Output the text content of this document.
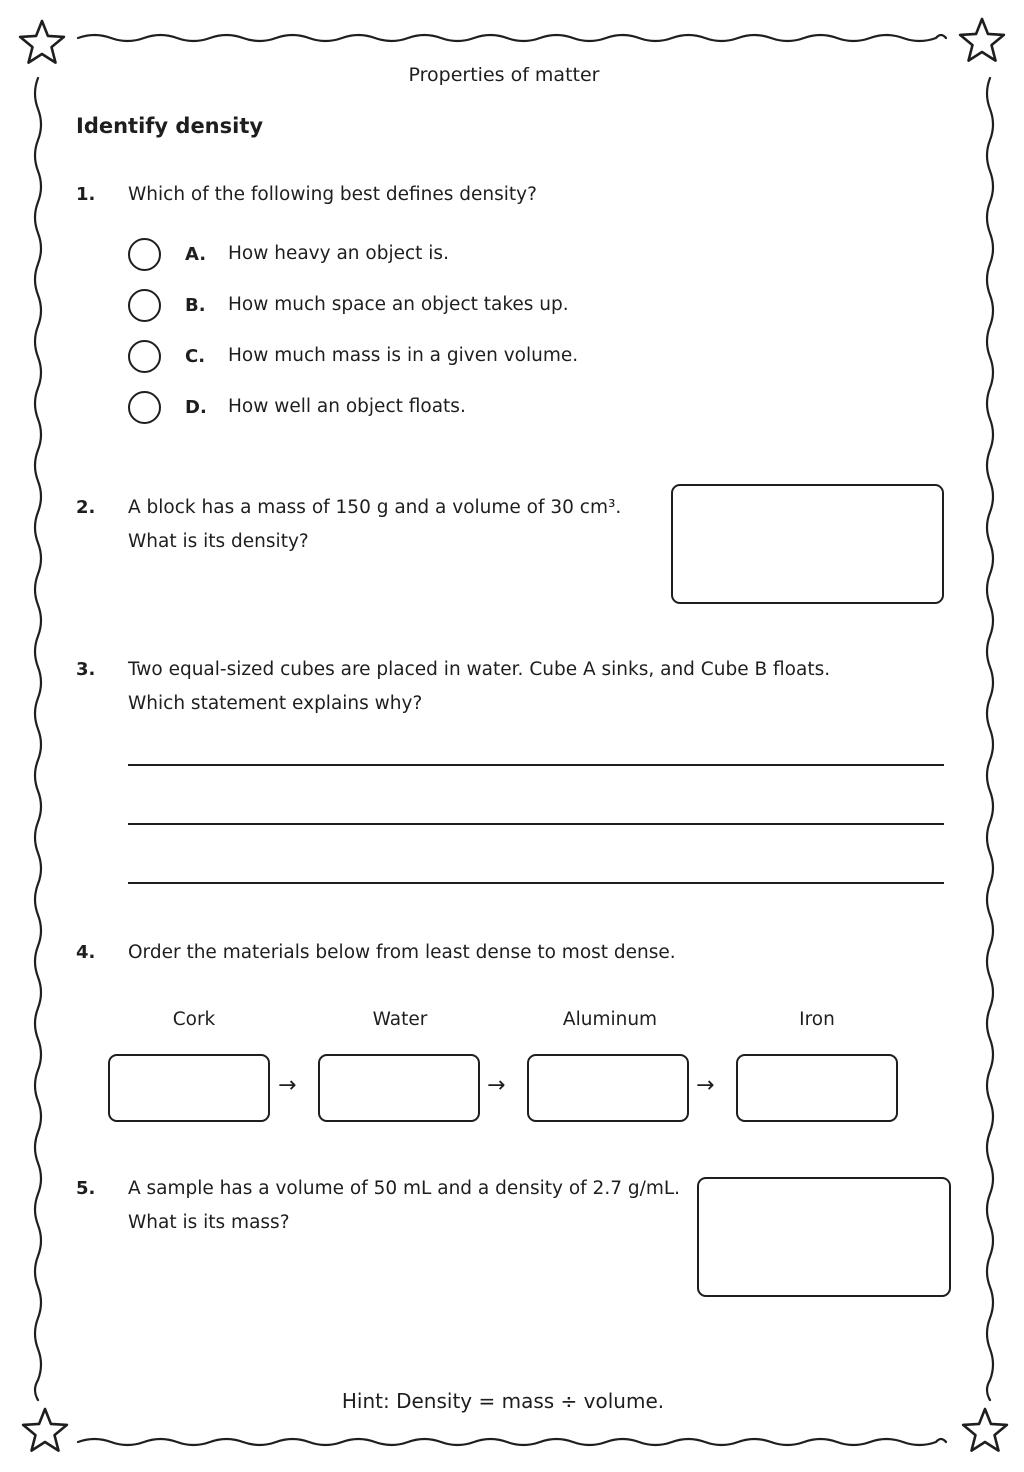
Properties of matter
Identify density
1. Which of the following best defines density?
A. How heavy an object is.
B. How much space an object takes up.
C. How much mass is in a given volume.
D. How well an object floats.
2. A block has a mass of 150 g and a volume of 30 cm³.
What is its density?
3. Two equal-sized cubes are placed in water. Cube A sinks, and Cube B floats.
Which statement explains why?
4. Order the materials below from least dense to most dense.
Cork	Water	Aluminum	Iron
→	→	→
5. A sample has a volume of 50 mL and a density of 2.7 g/mL.
What is its mass?
Hint: Density = mass ÷ volume.
